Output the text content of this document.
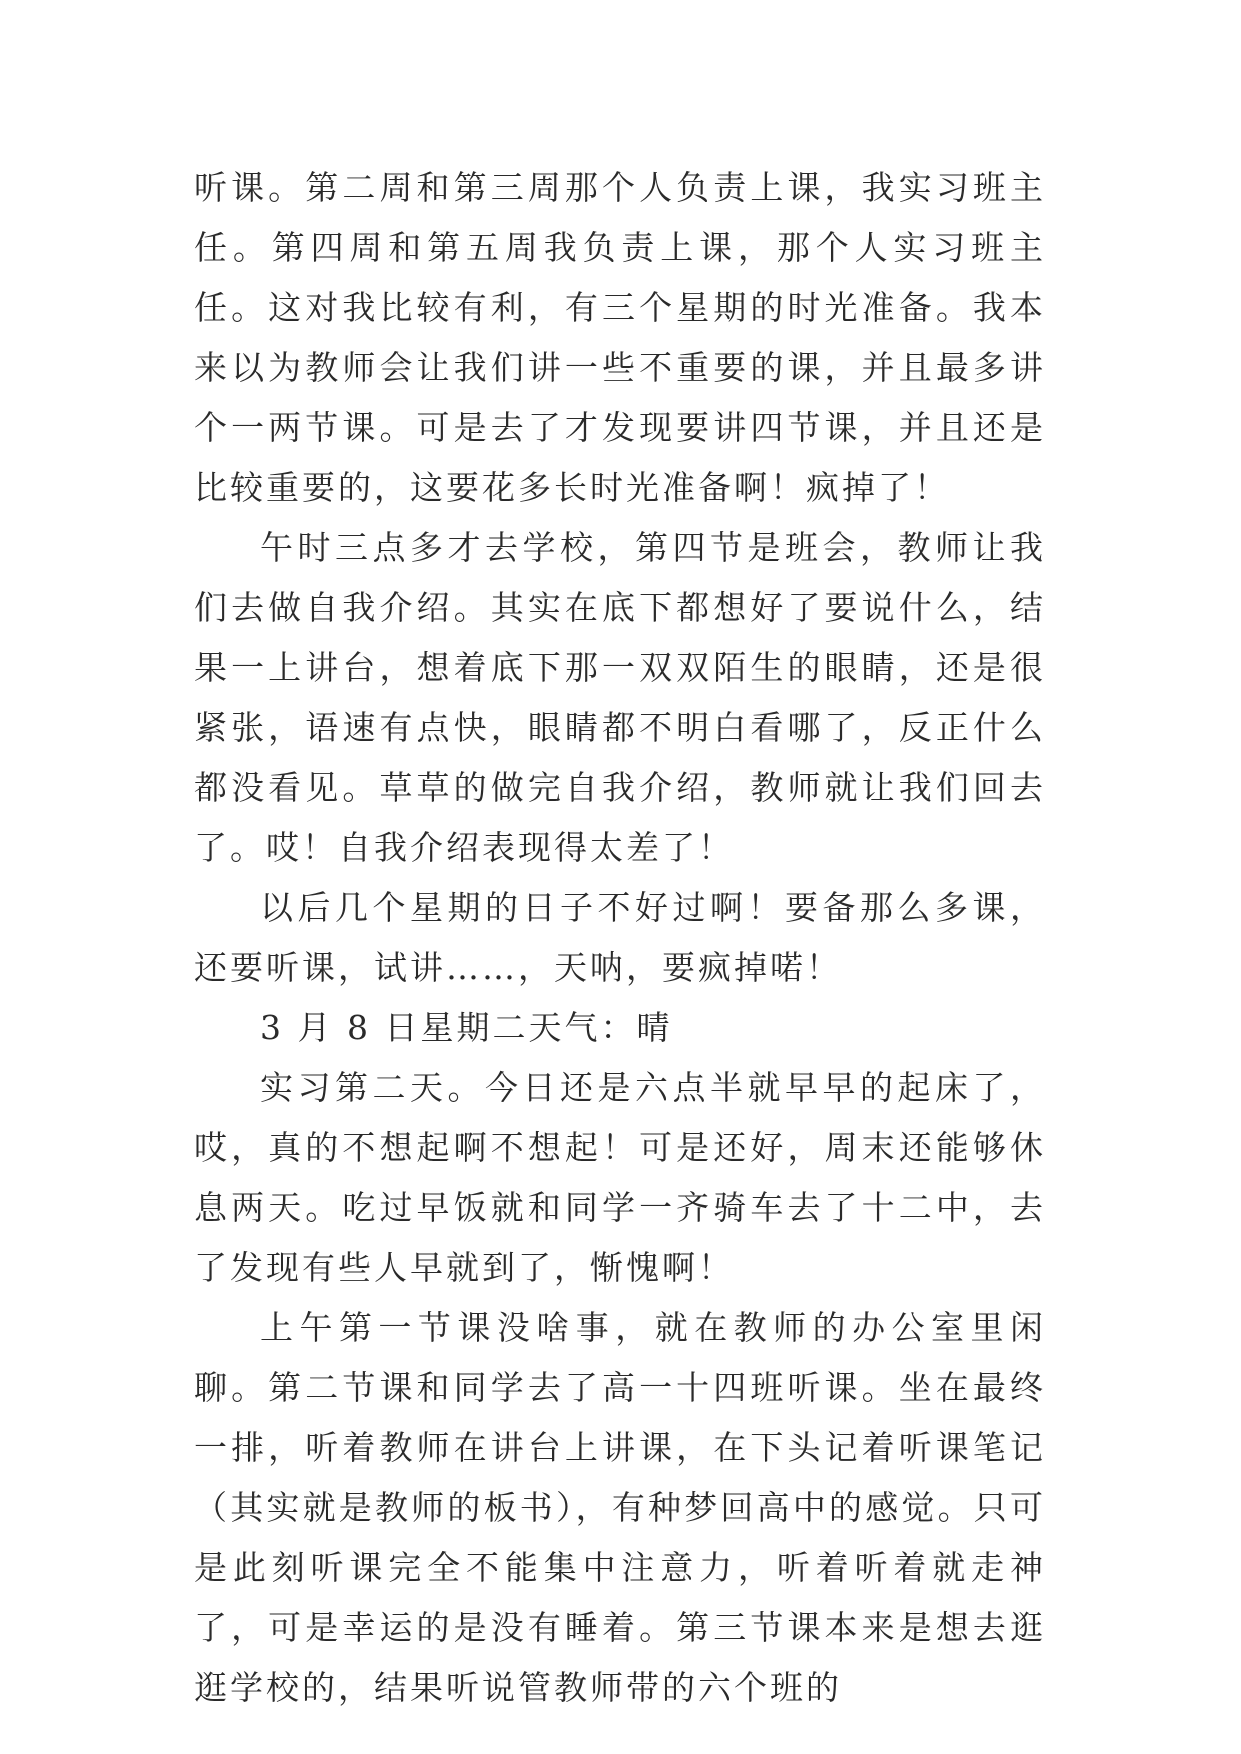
听课。第二周和第三周那个人负责上课，我实习班主任。第四周和第五周我负责上课，那个人实习班主任。这对我比较有利，有三个星期的时光准备。我本来以为教师会让我们讲一些不重要的课，并且最多讲个一两节课。可是去了才发现要讲四节课，并且还是比较重要的，这要花多长时光准备啊！疯掉了！

午时三点多才去学校，第四节是班会，教师让我们去做自我介绍。其实在底下都想好了要说什么，结果一上讲台，想着底下那一双双陌生的眼睛，还是很紧张，语速有点快，眼睛都不明白看哪了，反正什么都没看见。草草的做完自我介绍，教师就让我们回去了。哎！自我介绍表现得太差了！

以后几个星期的日子不好过啊！要备那么多课，还要听课，试讲……，天呐，要疯掉喏！

3 月 8 日星期二天气：晴

实习第二天。今日还是六点半就早早的起床了，哎，真的不想起啊不想起！可是还好，周末还能够休息两天。吃过早饭就和同学一齐骑车去了十二中，去了发现有些人早就到了，惭愧啊！

上午第一节课没啥事，就在教师的办公室里闲聊。第二节课和同学去了高一十四班听课。坐在最终一排，听着教师在讲台上讲课，在下头记着听课笔记（其实就是教师的板书），有种梦回高中的感觉。只可是此刻听课完全不能集中注意力，听着听着就走神了，可是幸运的是没有睡着。第三节课本来是想去逛逛学校的，结果听说管教师带的六个班的
